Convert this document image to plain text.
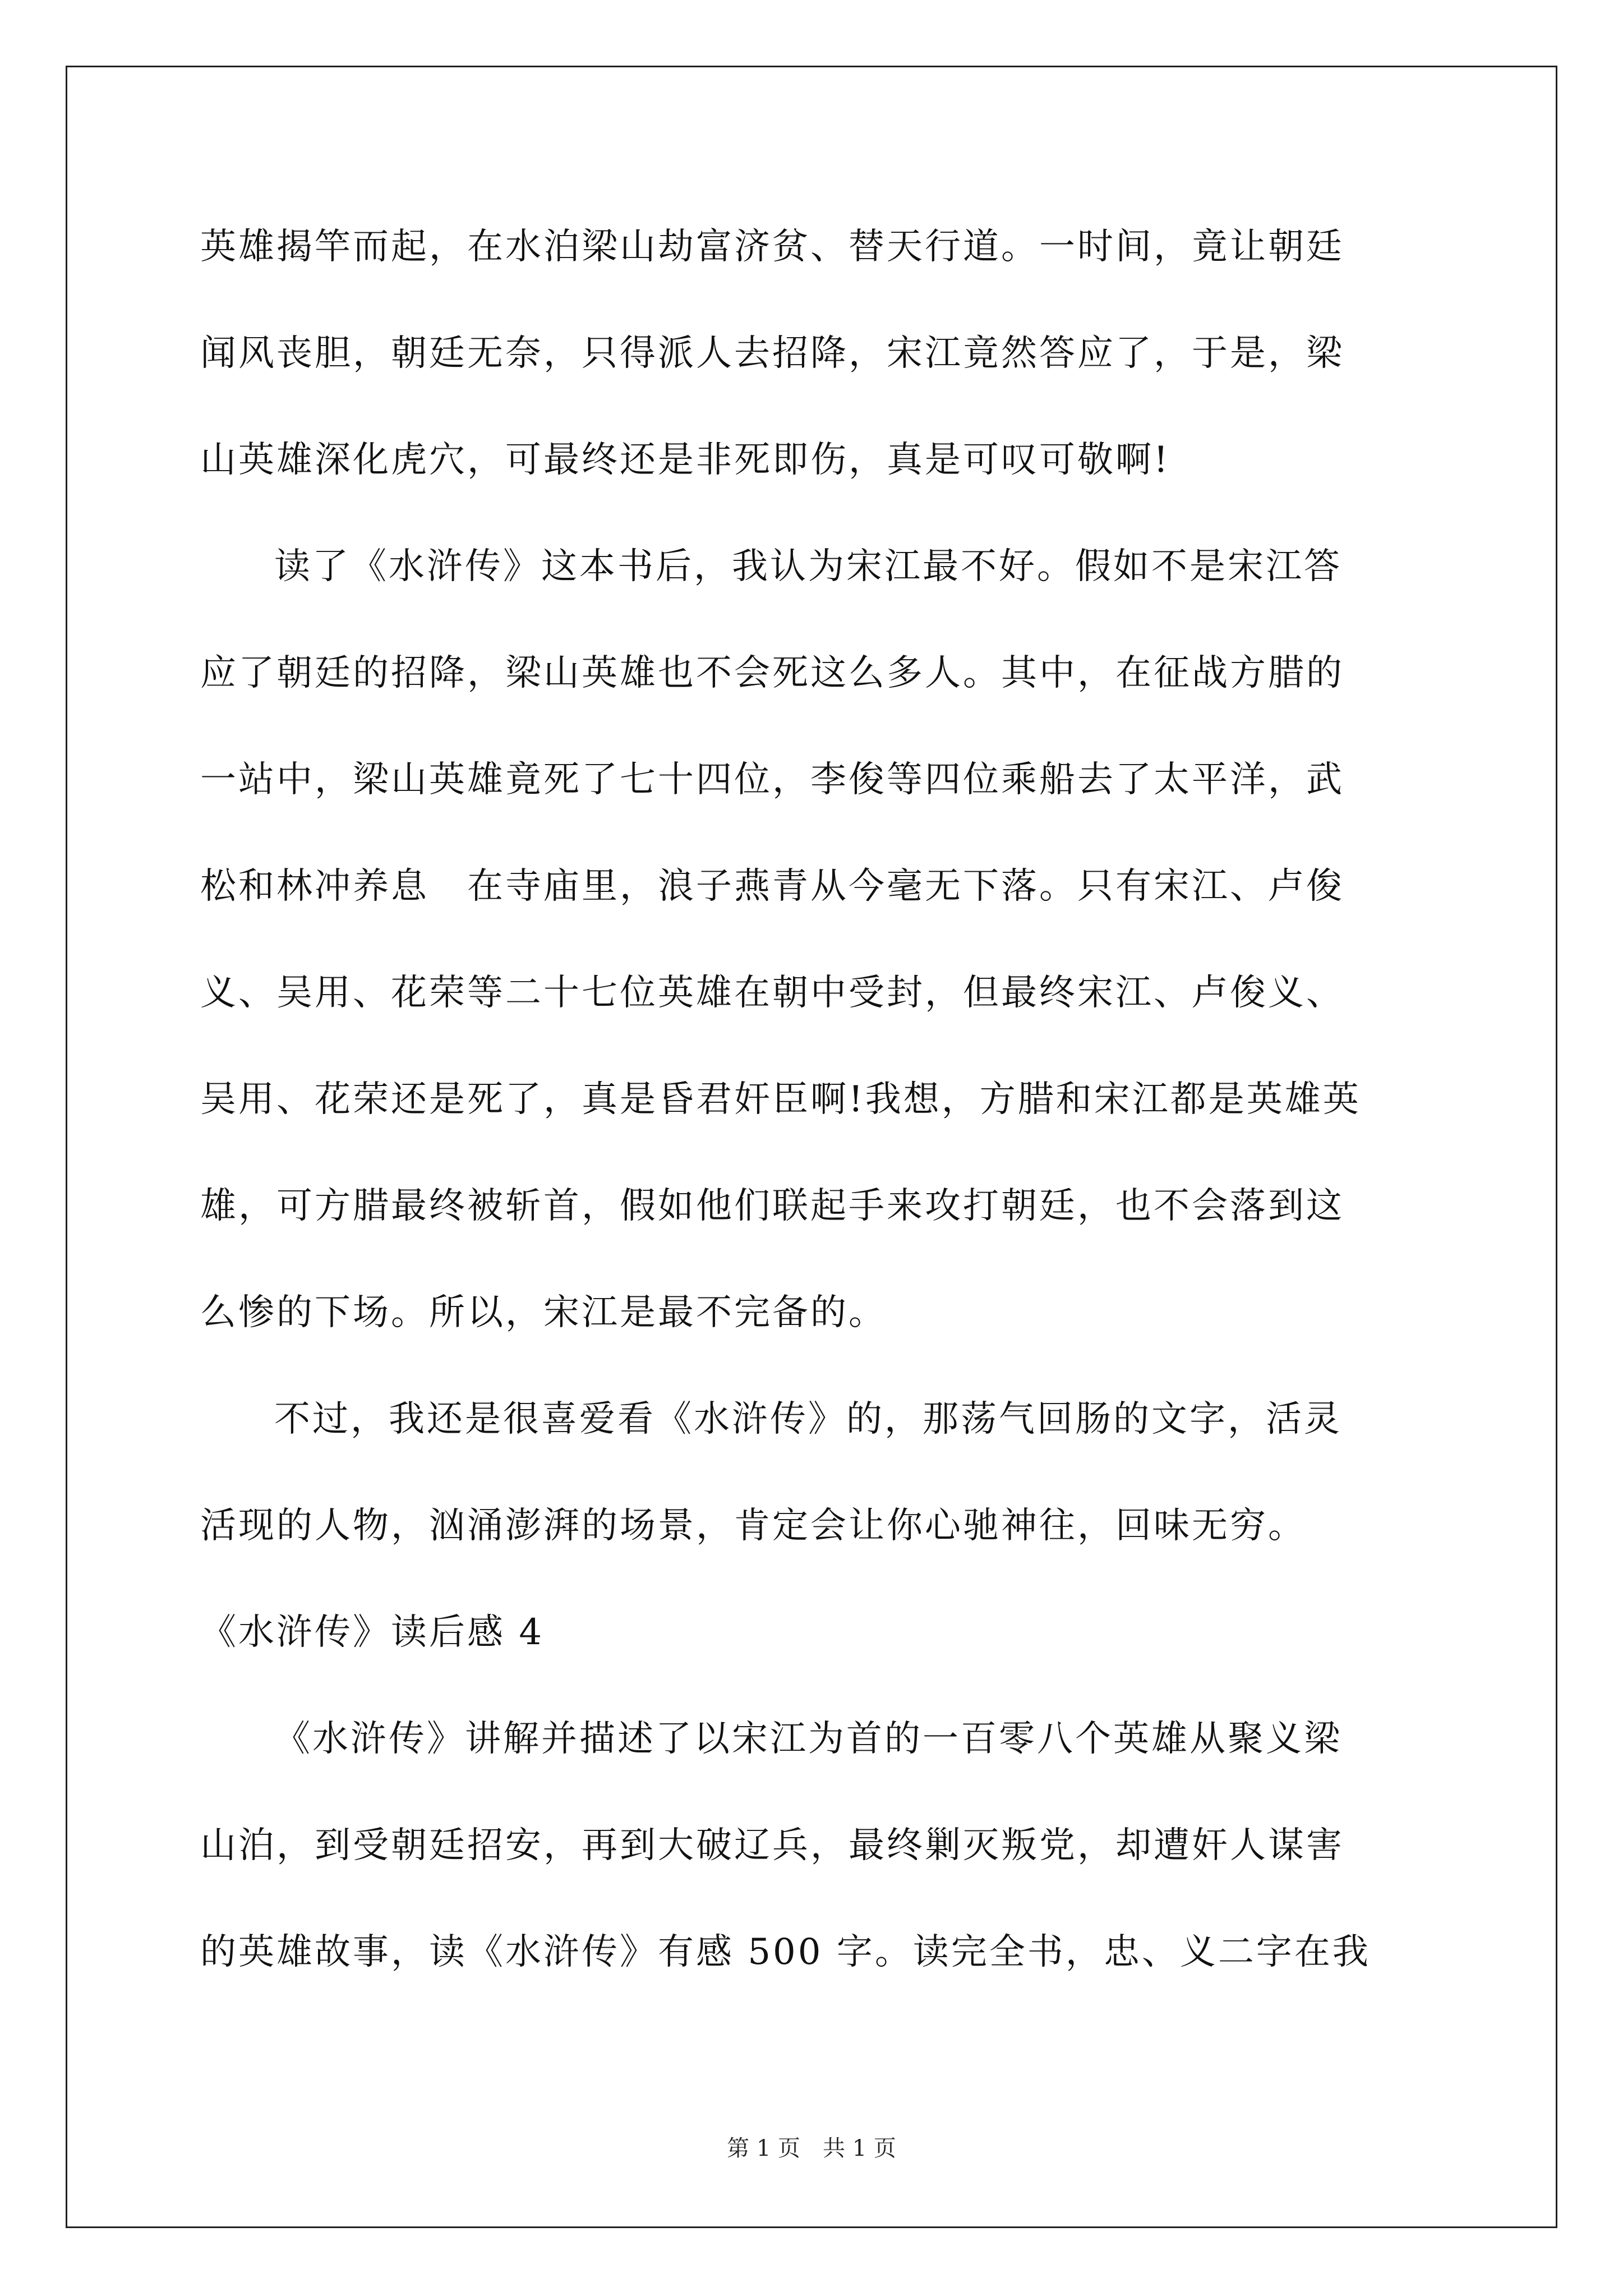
英雄揭竿而起，在水泊梁山劫富济贫、替天行道。一时间，竟让朝廷
闻风丧胆，朝廷无奈，只得派人去招降，宋江竟然答应了，于是，梁
山英雄深化虎穴，可最终还是非死即伤，真是可叹可敬啊!
读了《水浒传》这本书后，我认为宋江最不好。假如不是宋江答
应了朝廷的招降，梁山英雄也不会死这么多人。其中，在征战方腊的
一站中，梁山英雄竟死了七十四位，李俊等四位乘船去了太平洋，武
松和林冲养息　在寺庙里，浪子燕青从今毫无下落。只有宋江、卢俊
义、吴用、花荣等二十七位英雄在朝中受封，但最终宋江、卢俊义、
吴用、花荣还是死了，真是昏君奸臣啊!我想，方腊和宋江都是英雄英
雄，可方腊最终被斩首，假如他们联起手来攻打朝廷，也不会落到这
么惨的下场。所以，宋江是最不完备的。
不过，我还是很喜爱看《水浒传》的，那荡气回肠的文字，活灵
活现的人物，汹涌澎湃的场景，肯定会让你心驰神往，回味无穷。
《水浒传》读后感 4
《水浒传》讲解并描述了以宋江为首的一百零八个英雄从聚义梁
山泊，到受朝廷招安，再到大破辽兵，最终剿灭叛党，却遭奸人谋害
的英雄故事，读《水浒传》有感 500 字。读完全书，忠、义二字在我
第 1 页　共 1 页
